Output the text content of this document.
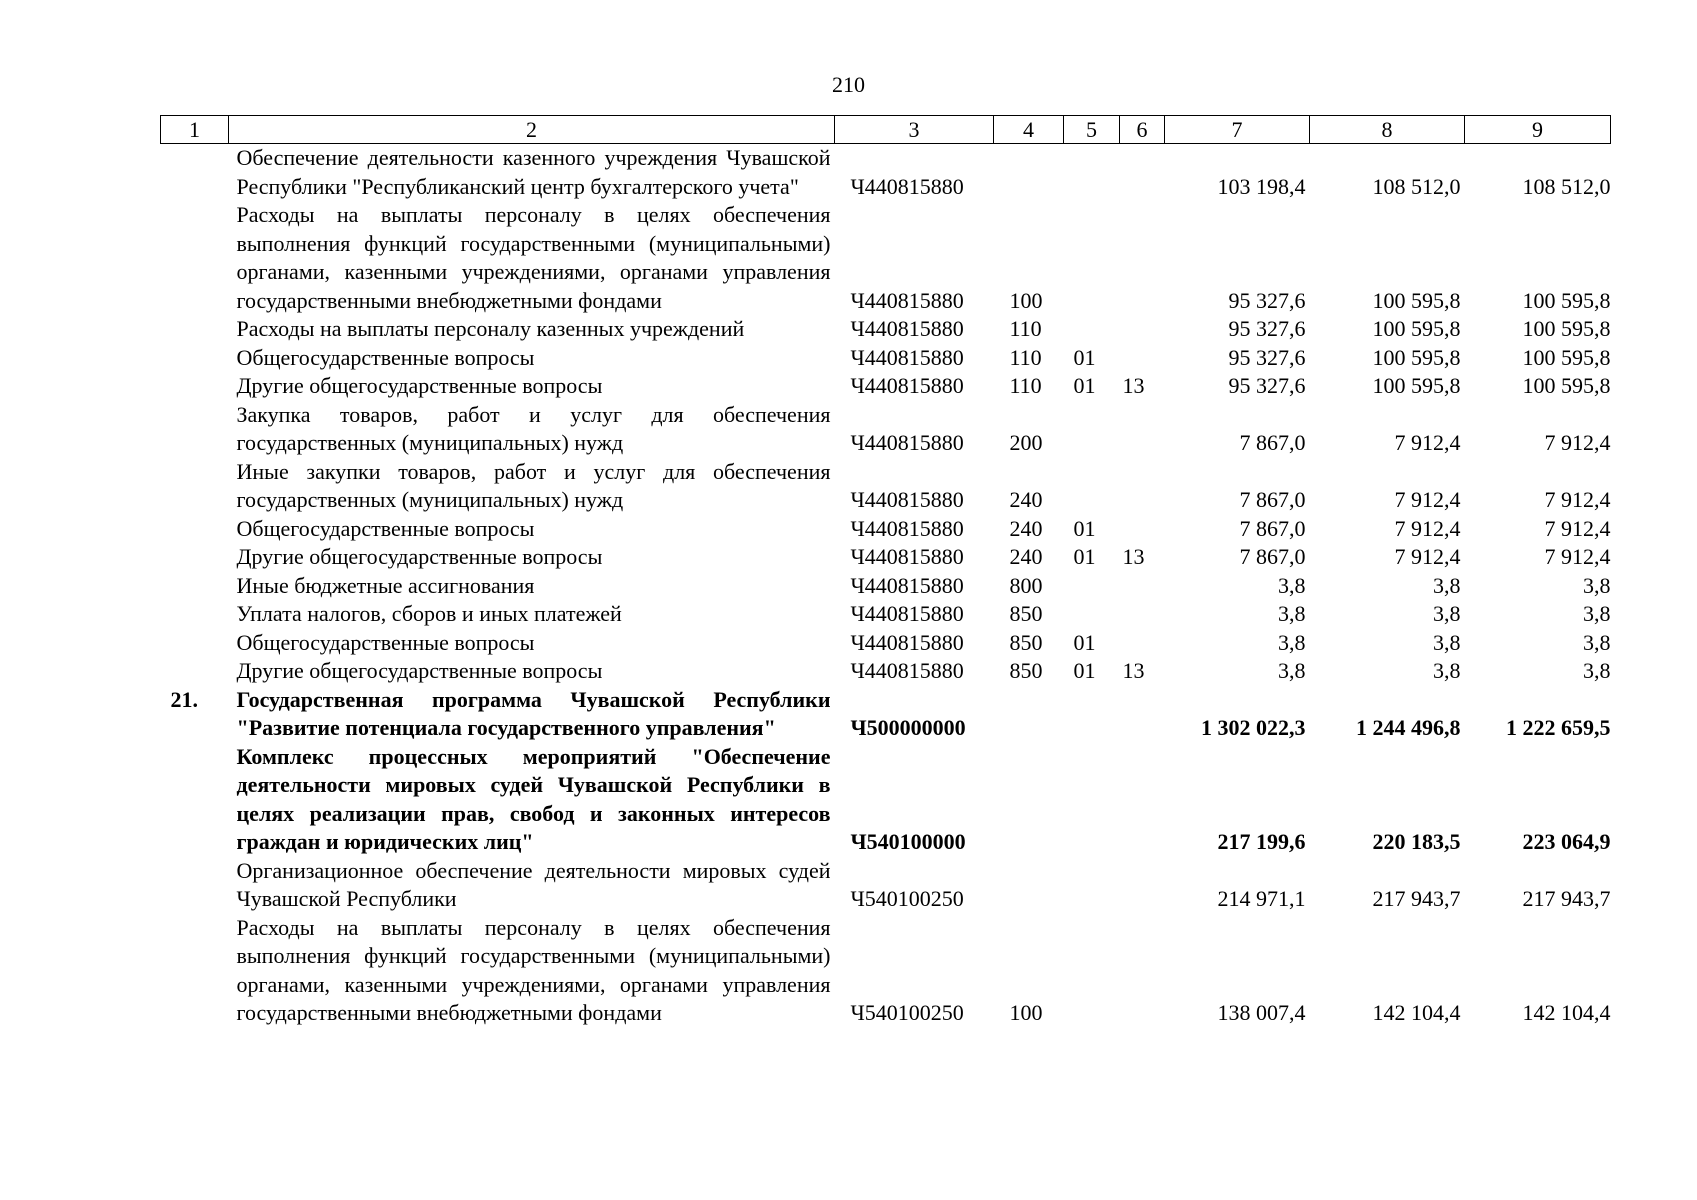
210
1	2	3	4	5	6	7	8	9
	Обеспечение деятельности казенного учреждения Чувашской Республики "Республиканский центр бухгалтерского учета"	Ч440815880				103 198,4	108 512,0	108 512,0
	Расходы на выплаты персоналу в целях обеспечения выполнения функций государственными (муниципальными) органами, казенными учреждениями, органами управления государственными внебюджетными фондами	Ч440815880	100			95 327,6	100 595,8	100 595,8
	Расходы на выплаты персоналу казенных учреждений	Ч440815880	110			95 327,6	100 595,8	100 595,8
	Общегосударственные вопросы	Ч440815880	110	01		95 327,6	100 595,8	100 595,8
	Другие общегосударственные вопросы	Ч440815880	110	01	13	95 327,6	100 595,8	100 595,8
	Закупка товаров, работ и услуг для обеспечения государственных (муниципальных) нужд	Ч440815880	200			7 867,0	7 912,4	7 912,4
	Иные закупки товаров, работ и услуг для обеспечения государственных (муниципальных) нужд	Ч440815880	240			7 867,0	7 912,4	7 912,4
	Общегосударственные вопросы	Ч440815880	240	01		7 867,0	7 912,4	7 912,4
	Другие общегосударственные вопросы	Ч440815880	240	01	13	7 867,0	7 912,4	7 912,4
	Иные бюджетные ассигнования	Ч440815880	800			3,8	3,8	3,8
	Уплата налогов, сборов и иных платежей	Ч440815880	850			3,8	3,8	3,8
	Общегосударственные вопросы	Ч440815880	850	01		3,8	3,8	3,8
	Другие общегосударственные вопросы	Ч440815880	850	01	13	3,8	3,8	3,8
21.	Государственная программа Чувашской Республики "Развитие потенциала государственного управления"	Ч500000000				1 302 022,3	1 244 496,8	1 222 659,5
	Комплекс процессных мероприятий "Обеспечение деятельности мировых судей Чувашской Республики в целях реализации прав, свобод и законных интересов граждан и юридических лиц"	Ч540100000				217 199,6	220 183,5	223 064,9
	Организационное обеспечение деятельности мировых судей Чувашской Республики	Ч540100250				214 971,1	217 943,7	217 943,7
	Расходы на выплаты персоналу в целях обеспечения выполнения функций государственными (муниципальными) органами, казенными учреждениями, органами управления государственными внебюджетными фондами	Ч540100250	100			138 007,4	142 104,4	142 104,4
